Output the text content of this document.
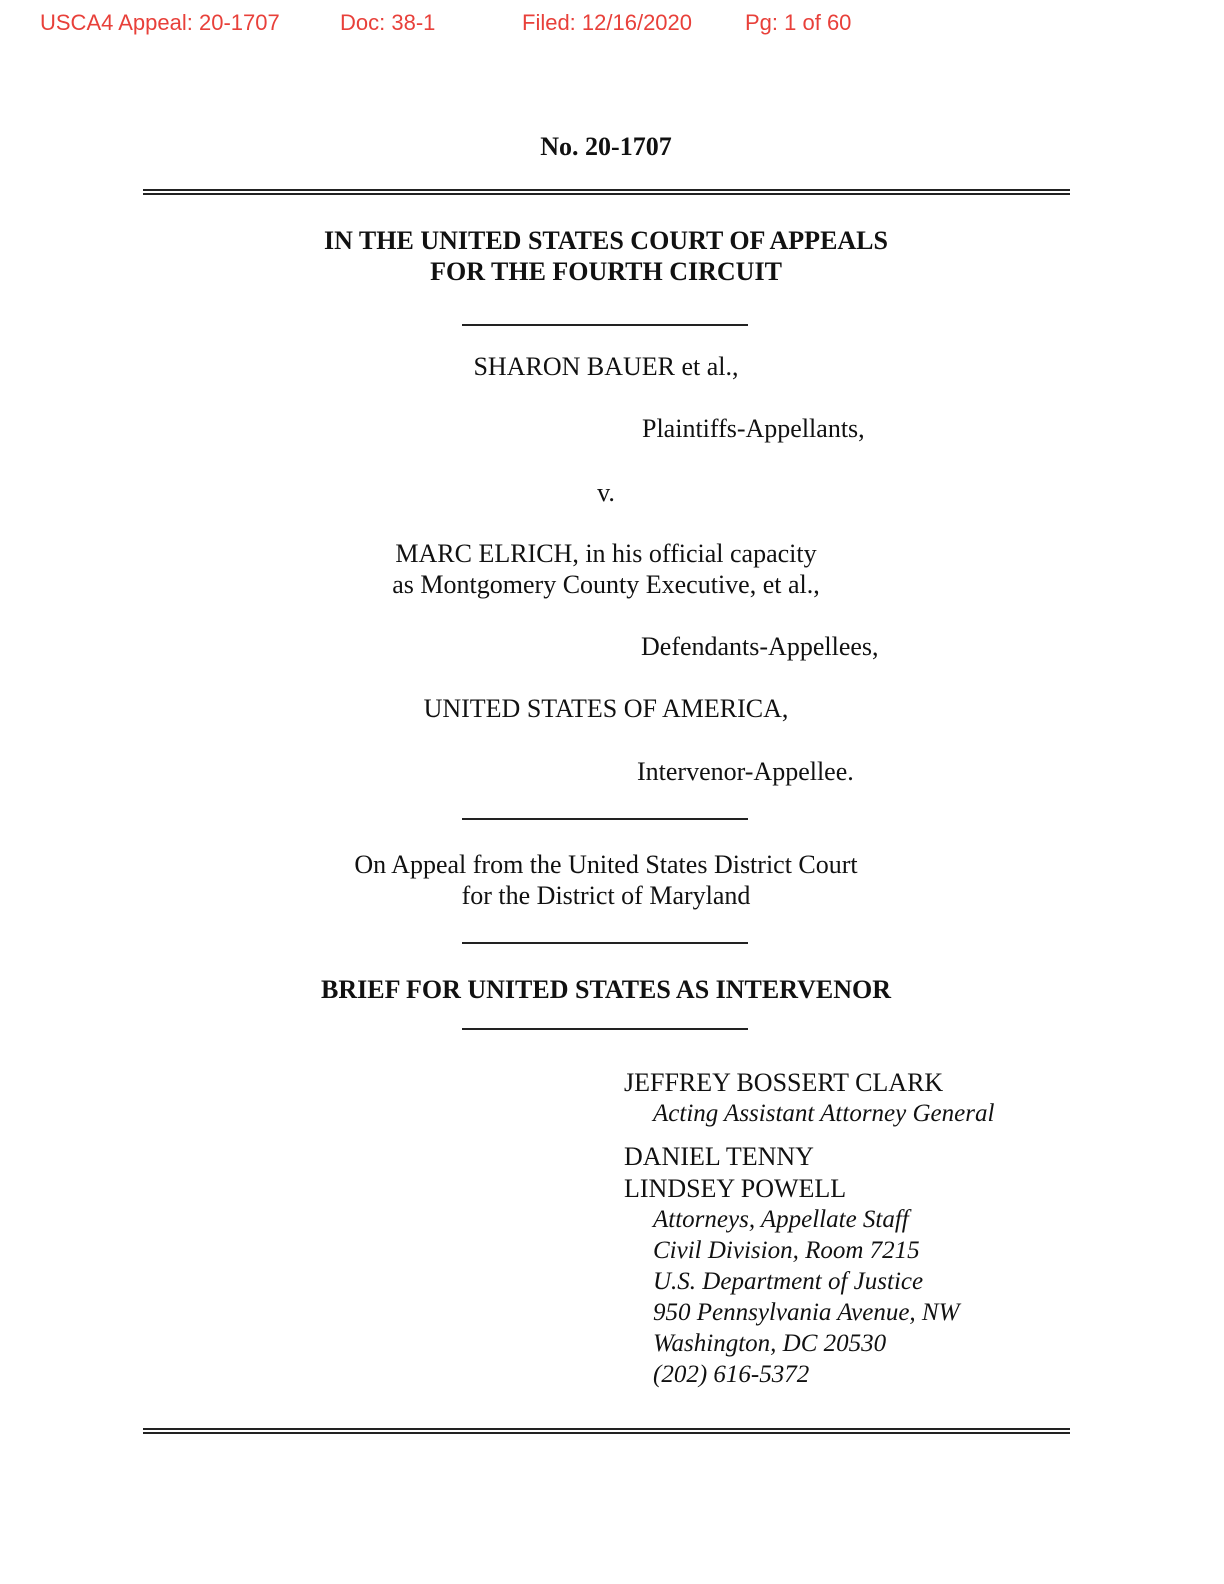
USCA4 Appeal: 20-1707	Doc: 38-1	Filed: 12/16/2020 Pg: 1 of 60
No. 20-1707
IN THE UNITED STATES COURT OF APPEALS
FOR THE FOURTH CIRCUIT
SHARON BAUER et al.,
Plaintiffs-Appellants,
v.
MARC ELRICH, in his official capacity
as Montgomery County Executive, et al.,
Defendants-Appellees,
UNITED STATES OF AMERICA,
Intervenor-Appellee.
On Appeal from the United States District Court
for the District of Maryland
BRIEF FOR UNITED STATES AS INTERVENOR
JEFFREY BOSSERT CLARK
Acting Assistant Attorney General
DANIEL TENNY
LINDSEY POWELL
Attorneys, Appellate Staff
Civil Division, Room 7215
U.S. Department of Justice
950 Pennsylvania Avenue, NW
Washington, DC 20530
(202) 616-5372
